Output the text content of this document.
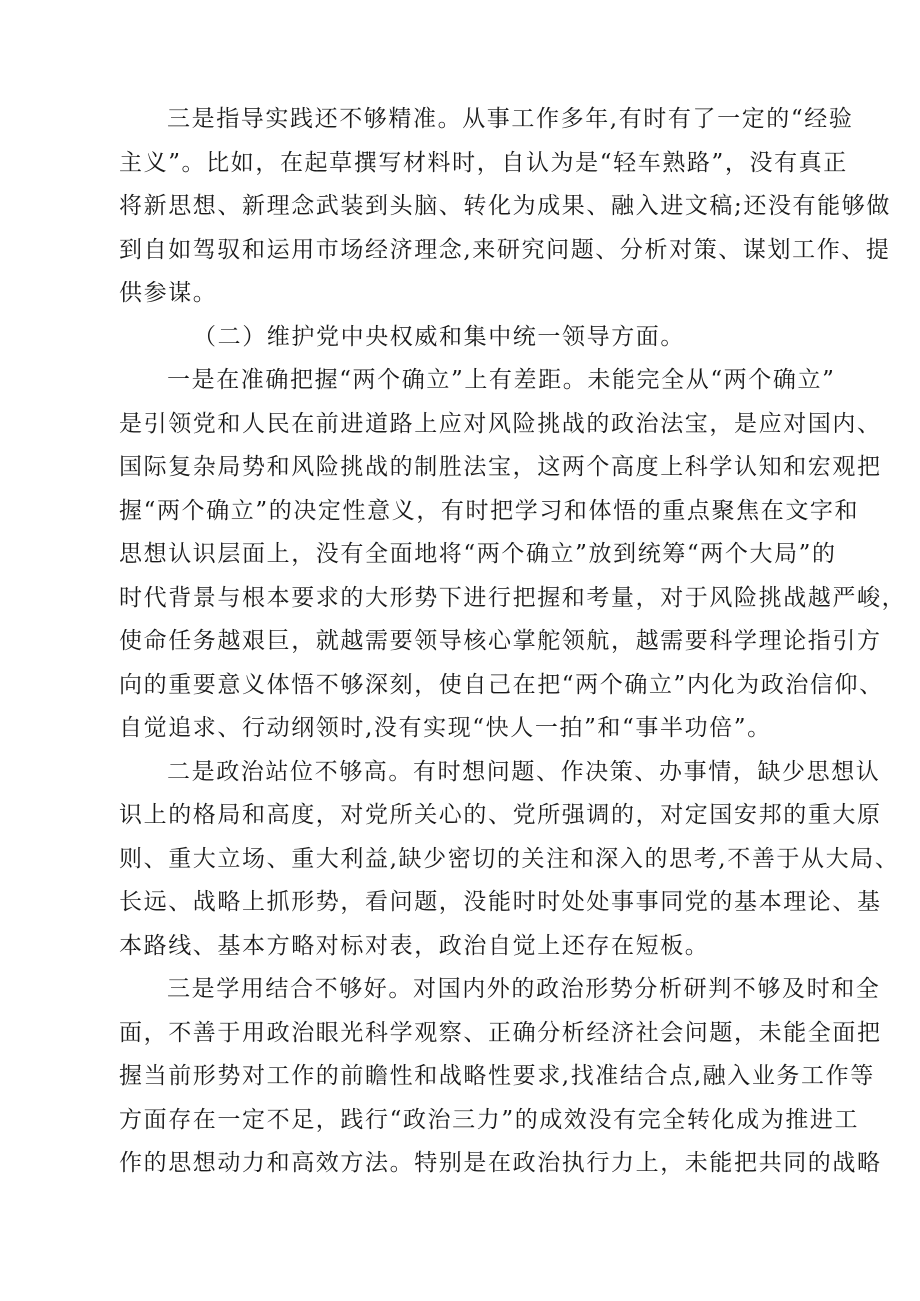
三是指导实践还不够精准。从事工作多年,有时有了一定的“经验
主义”。比如，在起草撰写材料时，自认为是“轻车熟路”，没有真正
将新思想、新理念武装到头脑、转化为成果、融入进文稿;还没有能够做
到自如驾驭和运用市场经济理念,来研究问题、分析对策、谋划工作、提
供参谋。
（二）维护党中央权威和集中统一领导方面。
一是在准确把握“两个确立”上有差距。未能完全从“两个确立”
是引领党和人民在前进道路上应对风险挑战的政治法宝，是应对国内、
国际复杂局势和风险挑战的制胜法宝，这两个高度上科学认知和宏观把
握“两个确立”的决定性意义，有时把学习和体悟的重点聚焦在文字和
思想认识层面上，没有全面地将“两个确立”放到统筹“两个大局”的
时代背景与根本要求的大形势下进行把握和考量，对于风险挑战越严峻，
使命任务越艰巨，就越需要领导核心掌舵领航，越需要科学理论指引方
向的重要意义体悟不够深刻，使自己在把“两个确立”内化为政治信仰、
自觉追求、行动纲领时,没有实现“快人一拍”和“事半功倍”。
二是政治站位不够高。有时想问题、作决策、办事情，缺少思想认
识上的格局和高度，对党所关心的、党所强调的，对定国安邦的重大原
则、重大立场、重大利益,缺少密切的关注和深入的思考,不善于从大局、
长远、战略上抓形势，看问题，没能时时处处事事同党的基本理论、基
本路线、基本方略对标对表，政治自觉上还存在短板。
三是学用结合不够好。对国内外的政治形势分析研判不够及时和全
面，不善于用政治眼光科学观察、正确分析经济社会问题，未能全面把
握当前形势对工作的前瞻性和战略性要求,找准结合点,融入业务工作等
方面存在一定不足，践行“政治三力”的成效没有完全转化成为推进工
作的思想动力和高效方法。特别是在政治执行力上，未能把共同的战略
